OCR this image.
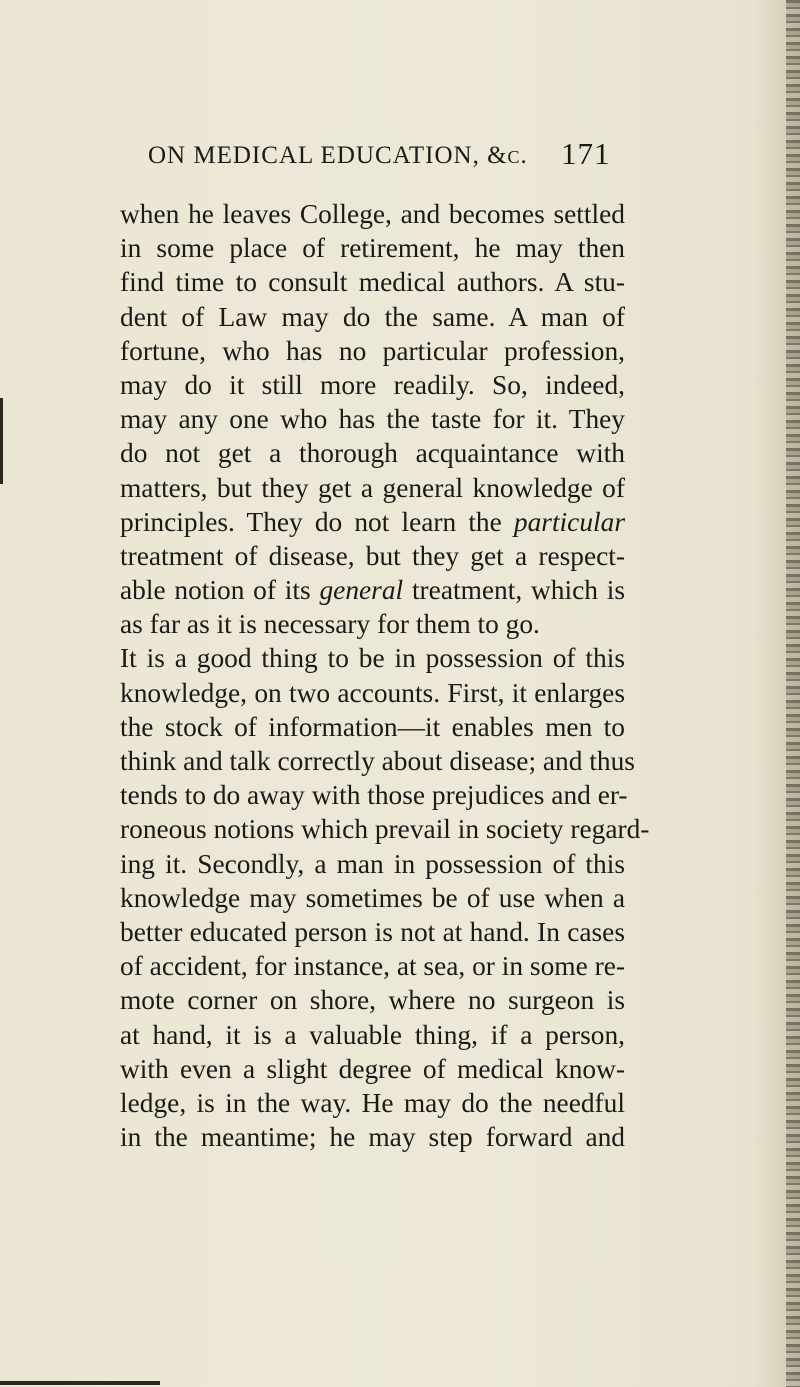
ON MEDICAL EDUCATION, &c. 171
when he leaves College, and becomes settled
in some place of retirement, he may then
find time to consult medical authors. A stu-
dent of Law may do the same. A man of
fortune, who has no particular profession,
may do it still more readily. So, indeed,
may any one who has the taste for it. They
do not get a thorough acquaintance with
matters, but they get a general knowledge of
principles. They do not learn the particular
treatment of disease, but they get a respect-
able notion of its general treatment, which is
as far as it is necessary for them to go.
It is a good thing to be in possession of this
knowledge, on two accounts. First, it enlarges
the stock of information—it enables men to
think and talk correctly about disease; and thus
tends to do away with those prejudices and er-
roneous notions which prevail in society regard-
ing it. Secondly, a man in possession of this
knowledge may sometimes be of use when a
better educated person is not at hand. In cases
of accident, for instance, at sea, or in some re-
mote corner on shore, where no surgeon is
at hand, it is a valuable thing, if a person,
with even a slight degree of medical know-
ledge, is in the way. He may do the needful
in the meantime; he may step forward and
